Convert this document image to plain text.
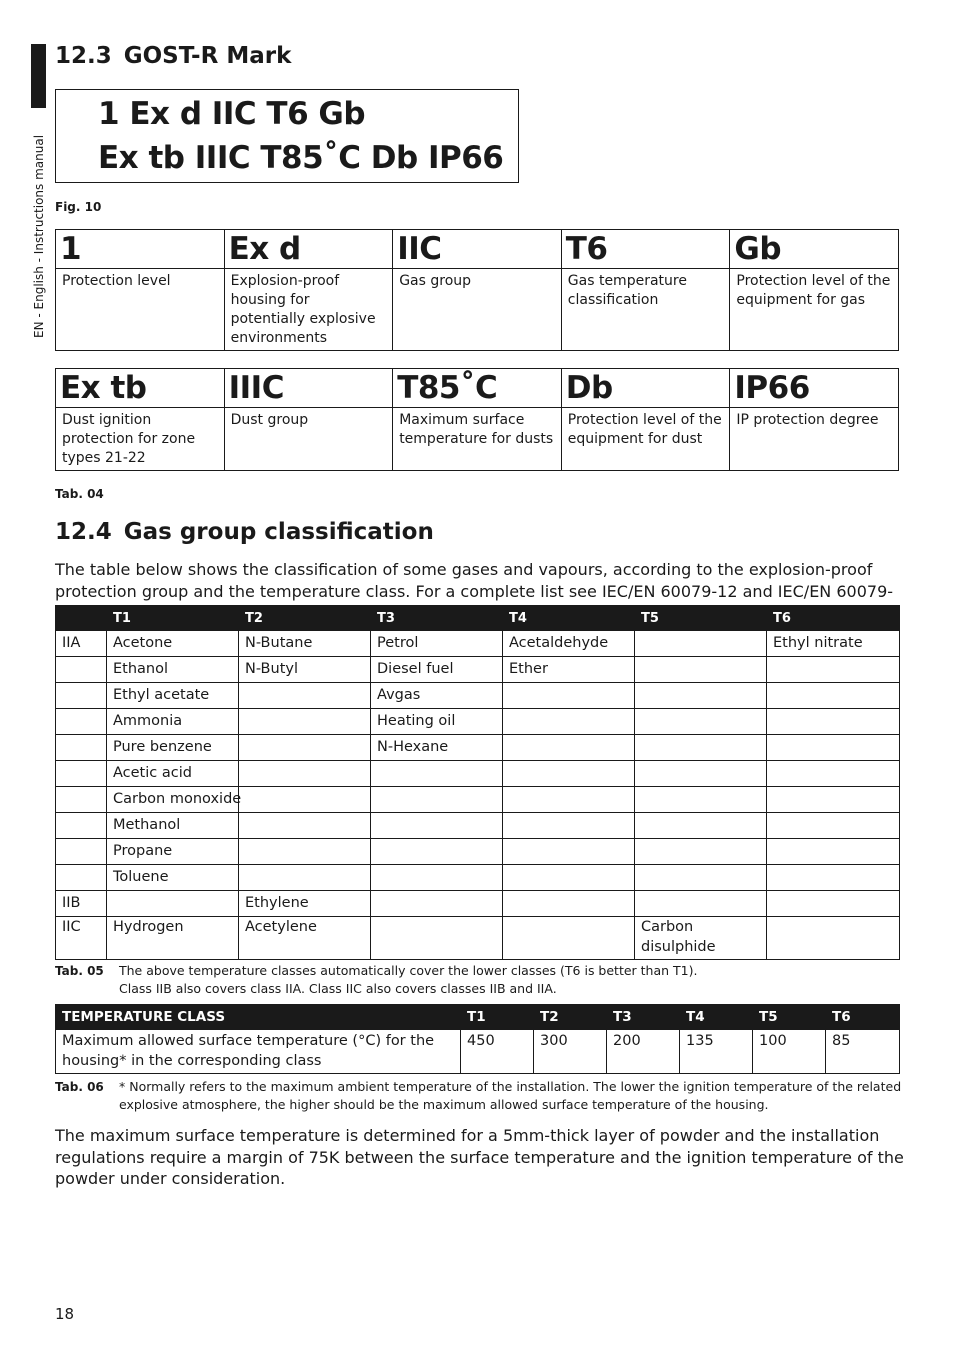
EN - English - Instructions manual
12.3 GOST-R Mark
1 Ex d IIC T6 Gb
Ex tb IIIC T85˚C Db IP66
Fig. 10
1	Ex d	IIC	T6	Gb
Protection level	Explosion-proof housing for potentially explosive environments	Gas group	Gas temperature classification	Protection level of the equipment for gas
Ex tb	IIIC	T85˚C	Db	IP66
Dust ignition protection for zone types 21-22	Dust group	Maximum surface temperature for dusts	Protection level of the equipment for dust	IP protection degree
Tab. 04
12.4 Gas group classification
The table below shows the classification of some gases and vapours, according to the explosion-proof protection group and the temperature class. For a complete list see IEC/EN 60079-12 and IEC/EN 60079-
	T1	T2	T3	T4	T5	T6
IIA	Acetone	N-Butane	Petrol	Acetaldehyde		Ethyl nitrate
	Ethanol	N-Butyl	Diesel fuel	Ether		
	Ethyl acetate		Avgas			
	Ammonia		Heating oil			
	Pure benzene		N-Hexane			
	Acetic acid					
	Carbon monoxide					
	Methanol					
	Propane					
	Toluene					
IIB		Ethylene				
IIC	Hydrogen	Acetylene			Carbon disulphide	
Tab. 05 The above temperature classes automatically cover the lower classes (T6 is better than T1).
Class IIB also covers class IIA. Class IIC also covers classes IIB and IIA.
TEMPERATURE CLASS	T1	T2	T3	T4	T5	T6
Maximum allowed surface temperature (°C) for the housing* in the corresponding class	450	300	200	135	100	85
Tab. 06 * Normally refers to the maximum ambient temperature of the installation. The lower the ignition temperature of the related
explosive atmosphere, the higher should be the maximum allowed surface temperature of the housing.
The maximum surface temperature is determined for a 5mm-thick layer of powder and the installation regulations require a margin of 75K between the surface temperature and the ignition temperature of the powder under consideration.
18
